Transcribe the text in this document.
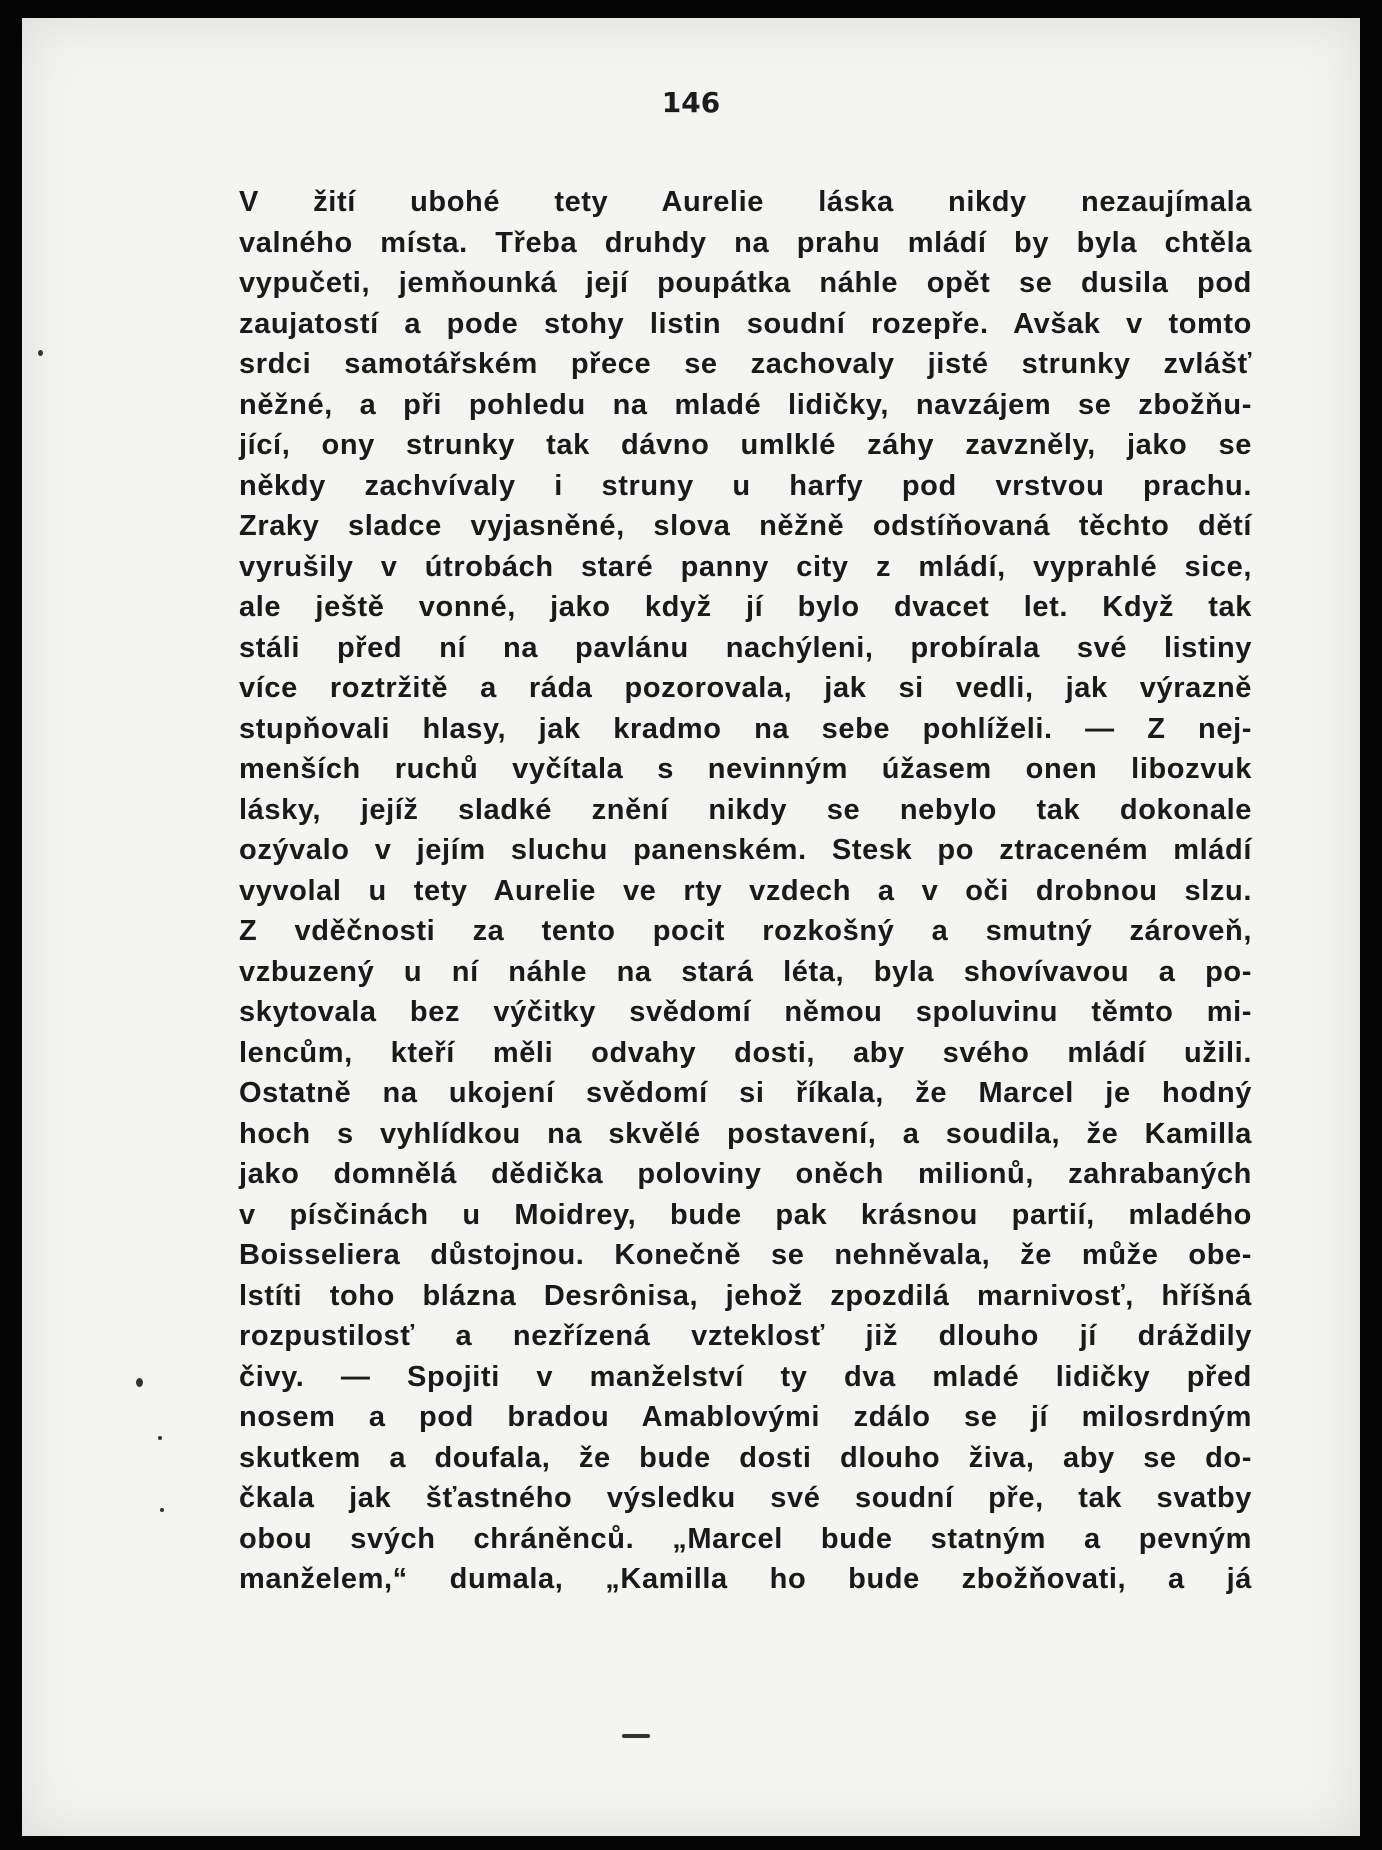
146
V žití ubohé tety Aurelie láska nikdy nezaujímala
valného místa. Třeba druhdy na prahu mládí by byla chtěla
vypučeti, jemňounká její poupátka náhle opět se dusila pod
zaujatostí a pode stohy listin soudní rozepře. Avšak v tomto
srdci samotářském přece se zachovaly jisté strunky zvlášť
něžné, a při pohledu na mladé lidičky, navzájem se zbožňu-
jící, ony strunky tak dávno umlklé záhy zavzněly, jako se
někdy zachvívaly i struny u harfy pod vrstvou prachu.
Zraky sladce vyjasněné, slova něžně odstíňovaná těchto dětí
vyrušily v útrobách staré panny city z mládí, vyprahlé sice,
ale ještě vonné, jako když jí bylo dvacet let. Když tak
stáli před ní na pavlánu nachýleni, probírala své listiny
více roztržitě a ráda pozorovala, jak si vedli, jak výrazně
stupňovali hlasy, jak kradmo na sebe pohlíželi. — Z nej-
menších ruchů vyčítala s nevinným úžasem onen libozvuk
lásky, jejíž sladké znění nikdy se nebylo tak dokonale
ozývalo v jejím sluchu panenském. Stesk po ztraceném mládí
vyvolal u tety Aurelie ve rty vzdech a v oči drobnou slzu.
Z vděčnosti za tento pocit rozkošný a smutný zároveň,
vzbuzený u ní náhle na stará léta, byla shovívavou a po-
skytovala bez výčitky svědomí němou spoluvinu těmto mi-
lencům, kteří měli odvahy dosti, aby svého mládí užili.
Ostatně na ukojení svědomí si říkala, že Marcel je hodný
hoch s vyhlídkou na skvělé postavení, a soudila, že Kamilla
jako domnělá dědička poloviny oněch milionů, zahrabaných
v písčinách u Moidrey, bude pak krásnou partií, mladého
Boisseliera důstojnou. Konečně se nehněvala, že může obe-
lstíti toho blázna Desrônisa, jehož zpozdilá marnivosť, hříšná
rozpustilosť a nezřízená vzteklosť již dlouho jí dráždily
čivy. — Spojiti v manželství ty dva mladé lidičky před
nosem a pod bradou Amablovými zdálo se jí milosrdným
skutkem a doufala, že bude dosti dlouho živa, aby se do-
čkala jak šťastného výsledku své soudní pře, tak svatby
obou svých chráněnců. „Marcel bude statným a pevným
manželem,“ dumala, „Kamilla ho bude zbožňovati, a já
